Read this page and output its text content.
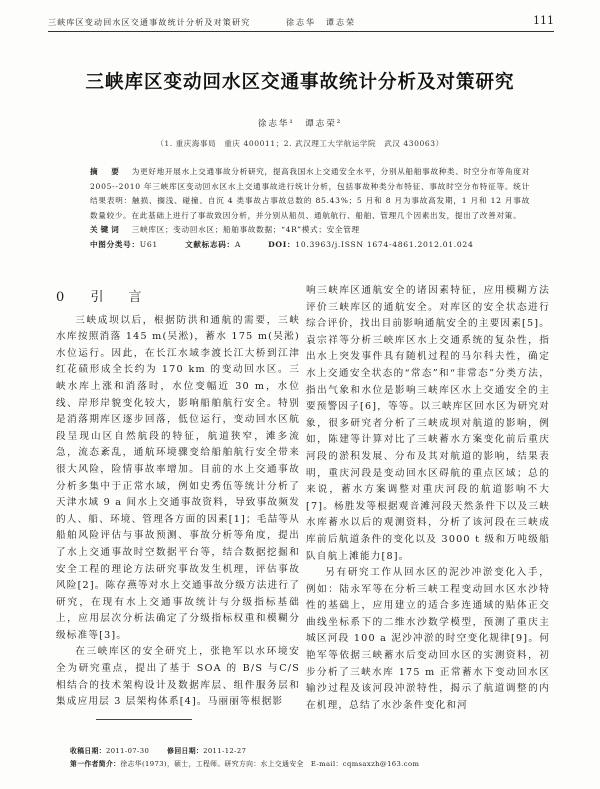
三峡库区变动回水区交通事故统计分析及对策研究	徐志华　谭志荣	111
三峡库区变动回水区交通事故统计分析及对策研究
徐志华¹　谭志荣²
（1. 重庆海事局　重庆 400011；2. 武汉理工大学航运学院　武汉 430063）

摘　要 为更好地开展水上交通事故分析研究，提高我国水上交通安全水平，分别从船舶事故种类、时空分布等角度对 2005--2010 年三峡库区变动回水区水上交通事故进行统计分析，包括事故种类分布特征、事故时空分布特征等。统计结果表明：触损、搁浅、碰撞、自沉 4 类事故占事故总数的 85.43%；5 月和 8 月为事故高发期，1 月和 12 月事故数量较少。在此基础上进行了事故致因分析，并分别从船员、通航航行、船舶、管理几个因素出发，提出了改善对策。

关键词 三峡库区；变动回水区；船舶事故数据；“4R”模式；安全管理

中图分类号：U61	文献标志码：A	DOI：10.3963/j.ISSN 1674-4861.2012.01.024

0 引　言

三峡成坝以后，根据防洪和通航的需要，三峡水库按照消落 145 m(吴淞)，蓄水 175 m(吴淞)水位运行。因此，在长江水域李渡长江大桥到江津红花碛形成全长约为 170 km 的变动回水区。三峡水库上涨和消落时，水位变幅近 30 m，水位线、岸形岸貌变化较大，影响船舶航行安全。特别是消落期库区逐步回落，低位运行，变动回水区航段呈现山区自然航段的特征，航道狭窄，滩多流急，流态紊乱，通航环境骤变给船舶航行安全带来很大风险，险情事故率增加。目前的水上交通事故分析多集中于正常水域，例如史秀伍等统计分析了天津水域 9 a 间水上交通事故资料，导致事故频发的人、船、环境、管理各方面的因素[1]；毛喆等从船舶风险评估与事故预测、事故分析等角度，提出了水上交通事故时空数据平台等，结合数据挖掘和安全工程的理论方法研究事故发生机理，评估事故风险[2]。陈存燕等对水上交通事故分级方法进行了研究，在现有水上交通事故统计与分级指标基础上，应用层次分析法确定了分级指标权重和模糊分级标准等[3]。

在三峡库区的安全研究上，张艳军以水环境安全为研究重点，提出了基于 SOA 的 B/S 与C/S 相结合的技术架构设计及数据库层、组件服务层和集成应用层 3 层架构体系[4]。马丽丽等根据影

响三峡库区通航安全的诸因素特征，应用模糊方法评价三峡库区的通航安全。对库区的安全状态进行综合评价，找出目前影响通航安全的主要因素[5]。袁宗祥等分析三峡库区水上交通系统的复杂性，指出水上突发事件具有随机过程的马尔科夫性，确定水上交通安全状态的“常态”和“非常态”分类方法，指出气象和水位是影响三峡库区水上交通安全的主要预警因子[6]，等等。以三峡库区回水区为研究对象，很多研究者分析了三峡成坝对航道的影响，例如，陈建等计算对比了三峡蓄水方案变化前后重庆河段的淤积发展、分布及其对航道的影响，结果表明，重庆河段是变动回水区碍航的重点区域；总的来说，蓄水方案调整对重庆河段的航道影响不大[7]。杨胜发等根据观音滩河段天然条件下以及三峡水库蓄水以后的观测资料，分析了该河段在三峡成库前后航道条件的变化以及 3000 t 级和万吨级船队自航上滩能力[8]。

另有研究工作从回水区的泥沙冲淤变化入手，例如：陆永军等在分析三峡工程变动回水区水沙特性的基础上，应用建立的适合多连通域的贴体正交曲线坐标系下的二维水沙数学模型，预测了重庆主城区河段 100 a 泥沙冲淤的时空变化规律[9]。何艳军等依据三峡蓄水后变动回水区的实测资料，初步分析了三峡水库 175 m 正常蓄水下变动回水区输沙过程及该河段冲淤特性，揭示了航道调整的内在机理，总结了水沙条件变化和河

收稿日期：2011-07-30	修回日期：2011-12-27
第一作者简介：徐志华(1973)，硕士，工程师。研究方向：水上交通安全　E-mail：cqmsaxzh@163.com
